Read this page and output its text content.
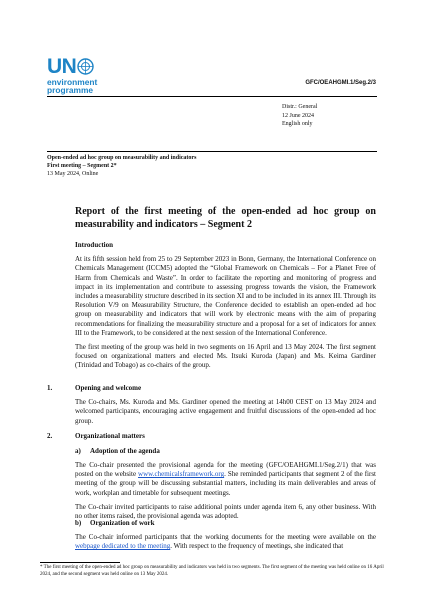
UN
environment
programme
GFC/OEAHGMI.1/Seg.2/3
Distr.: General
12 June 2024
English only
Open-ended ad hoc group on measurability and indicators
First meeting – Segment 2*
13 May 2024, Online
Report of the first meeting of the open-ended ad hoc group on measurability and indicators – Segment 2

Introduction

At its fifth session held from 25 to 29 September 2023 in Bonn, Germany, the International Conference on Chemicals Management (ICCM5) adopted the “Global Framework on Chemicals – For a Planet Free of Harm from Chemicals and Waste”. In order to facilitate the reporting and monitoring of progress and impact in its implementation and contribute to assessing progress towards the vision, the Framework includes a measurability structure described in its section XI and to be included in its annex III. Through its Resolution V/9 on Measurability Structure, the Conference decided to establish an open-ended ad hoc group on measurability and indicators that will work by electronic means with the aim of preparing recommendations for finalizing the measurability structure and a proposal for a set of indicators for annex III to the Framework, to be considered at the next session of the International Conference.

The first meeting of the group was held in two segments on 16 April and 13 May 2024. The first segment focused on organizational matters and elected Ms. Itsuki Kuroda (Japan) and Ms. Keima Gardiner (Trinidad and Tobago) as co-chairs of the group.

1.	Opening and welcome

The Co-chairs, Ms. Kuroda and Ms. Gardiner opened the meeting at 14h00 CEST on 13 May 2024 and welcomed participants, encouraging active engagement and fruitful discussions of the open-ended ad hoc group.

2.	Organizational matters

a) Adoption of the agenda

The Co-chair presented the provisional agenda for the meeting (GFC/OEAHGMI.1/Seg.2/1) that was posted on the website www.chemicalsframework.org. She reminded participants that segment 2 of the first meeting of the group will be discussing substantial matters, including its main deliverables and areas of work, workplan and timetable for subsequent meetings.

The Co-chair invited participants to raise additional points under agenda item 6, any other business. With no other items raised, the provisional agenda was adopted.

b) Organization of work

The Co-chair informed participants that the working documents for the meeting were available on the webpage dedicated to the meeting. With respect to the frequency of meetings, she indicated that

* The first meeting of the open-ended ad hoc group on measurability and indicators was held in two segments. The first segment of the meeting was held online on 16 April 2024, and the second segment was held online on 13 May 2024.
